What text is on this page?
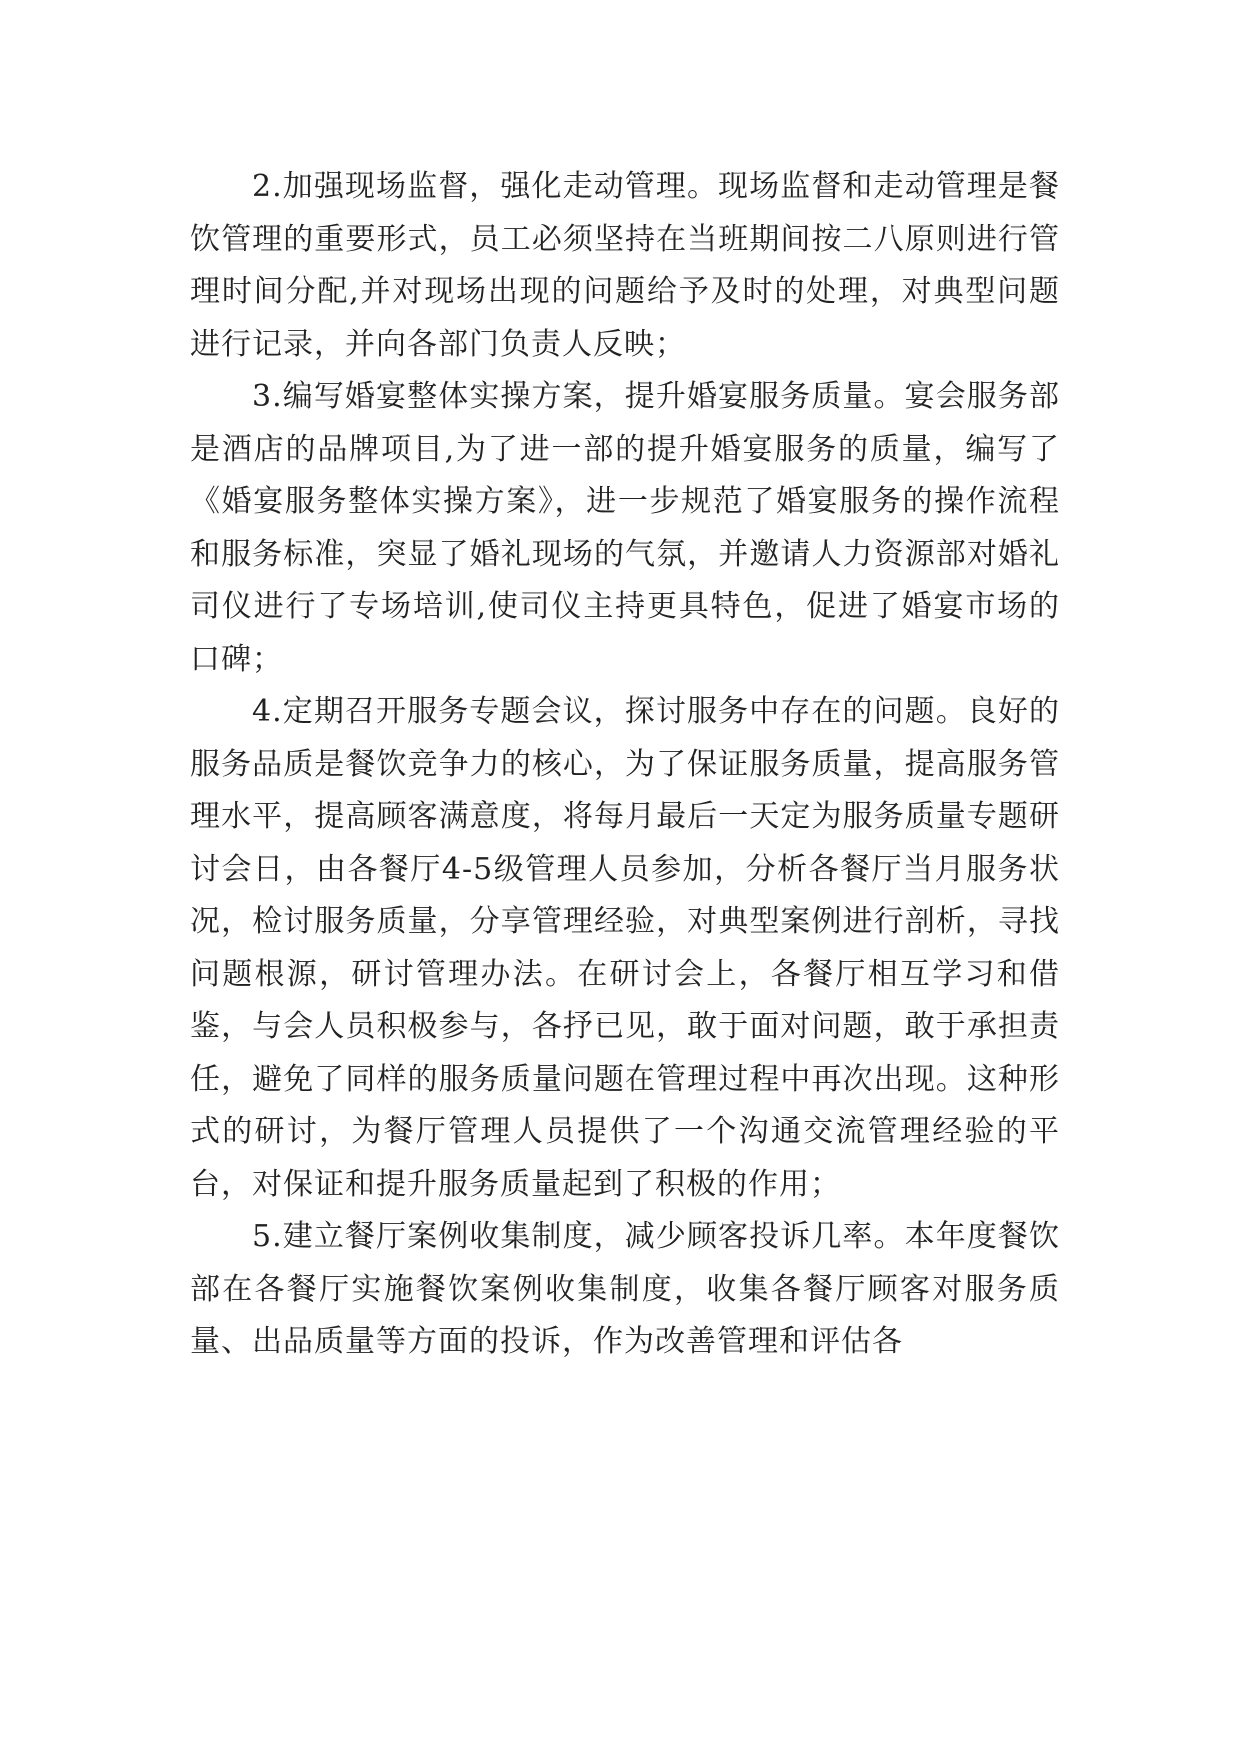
2.加强现场监督，强化走动管理。现场监督和走动管理是餐饮管理的重要形式，员工必须坚持在当班期间按二八原则进行管理时间分配,并对现场出现的问题给予及时的处理，对典型问题进行记录，并向各部门负责人反映；

3.编写婚宴整体实操方案，提升婚宴服务质量。宴会服务部是酒店的品牌项目,为了进一部的提升婚宴服务的质量，编写了《婚宴服务整体实操方案》，进一步规范了婚宴服务的操作流程和服务标准，突显了婚礼现场的气氛，并邀请人力资源部对婚礼司仪进行了专场培训,使司仪主持更具特色，促进了婚宴市场的口碑；

4.定期召开服务专题会议，探讨服务中存在的问题。良好的服务品质是餐饮竞争力的核心，为了保证服务质量，提高服务管理水平，提高顾客满意度，将每月最后一天定为服务质量专题研讨会日，由各餐厅4-5级管理人员参加，分析各餐厅当月服务状况，检讨服务质量，分享管理经验，对典型案例进行剖析，寻找问题根源，研讨管理办法。在研讨会上，各餐厅相互学习和借鉴，与会人员积极参与，各抒已见，敢于面对问题，敢于承担责任，避免了同样的服务质量问题在管理过程中再次出现。这种形式的研讨，为餐厅管理人员提供了一个沟通交流管理经验的平台，对保证和提升服务质量起到了积极的作用；

5.建立餐厅案例收集制度，减少顾客投诉几率。本年度餐饮部在各餐厅实施餐饮案例收集制度，收集各餐厅顾客对服务质量、出品质量等方面的投诉，作为改善管理和评估各
